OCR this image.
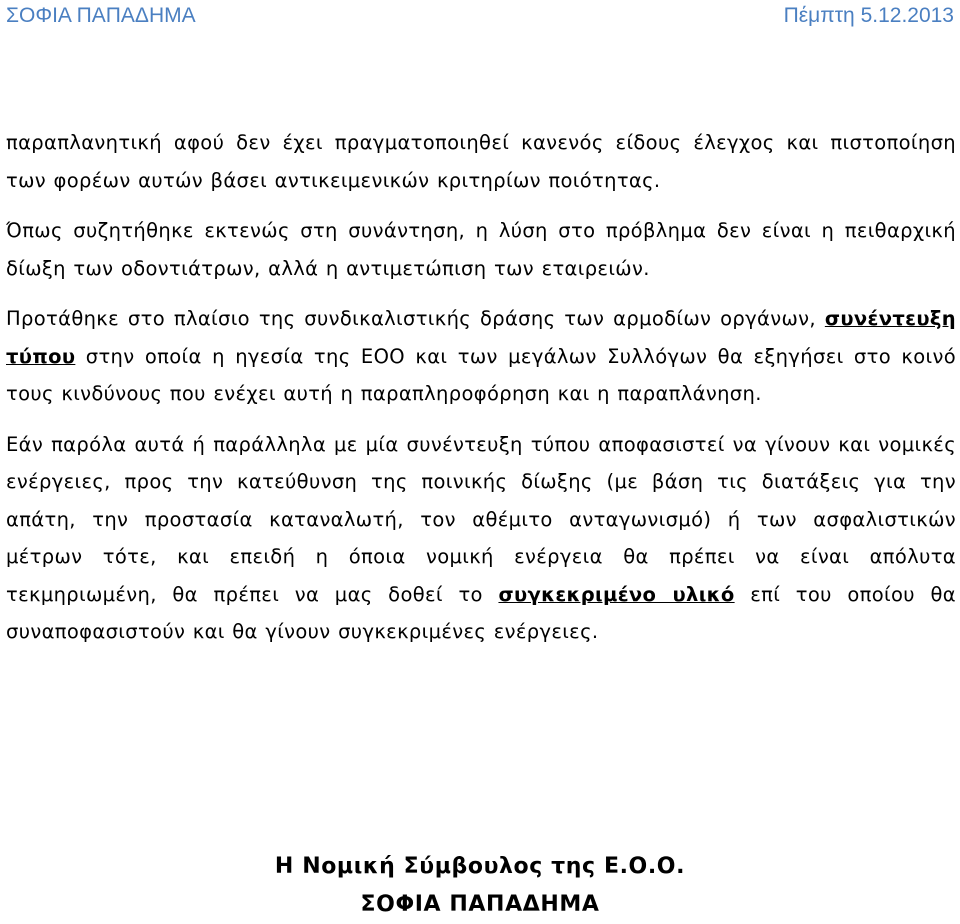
ΣΟΦΙΑ ΠΑΠΑΔΗΜΑ	Πέμπτη 5.12.2013

παραπλανητική αφού δεν έχει πραγματοποιηθεί κανενός είδους έλεγχος και πιστοποίηση των φορέων αυτών βάσει αντικειμενικών κριτηρίων ποιότητας.

Όπως συζητήθηκε εκτενώς στη συνάντηση, η λύση στο πρόβλημα δεν είναι η πειθαρχική δίωξη των οδοντιάτρων, αλλά η αντιμετώπιση των εταιρειών.

Προτάθηκε στο πλαίσιο της συνδικαλιστικής δράσης των αρμοδίων οργάνων, συνέντευξη τύπου στην οποία η ηγεσία της ΕΟΟ και των μεγάλων Συλλόγων θα εξηγήσει στο κοινό τους κινδύνους που ενέχει αυτή η παραπληροφόρηση και η παραπλάνηση.

Εάν παρόλα αυτά ή παράλληλα με μία συνέντευξη τύπου αποφασιστεί να γίνουν και νομικές ενέργειες, προς την κατεύθυνση της ποινικής δίωξης (με βάση τις διατάξεις για την απάτη, την προστασία καταναλωτή, τον αθέμιτο ανταγωνισμό) ή των ασφαλιστικών μέτρων τότε, και επειδή η όποια νομική ενέργεια θα πρέπει να είναι απόλυτα τεκμηριωμένη, θα πρέπει να μας δοθεί το συγκεκριμένο υλικό επί του οποίου θα συναποφασιστούν και θα γίνουν συγκεκριμένες ενέργειες.

Η Νομική Σύμβουλος της Ε.Ο.Ο.
ΣΟΦΙΑ ΠΑΠΑΔΗΜΑ
